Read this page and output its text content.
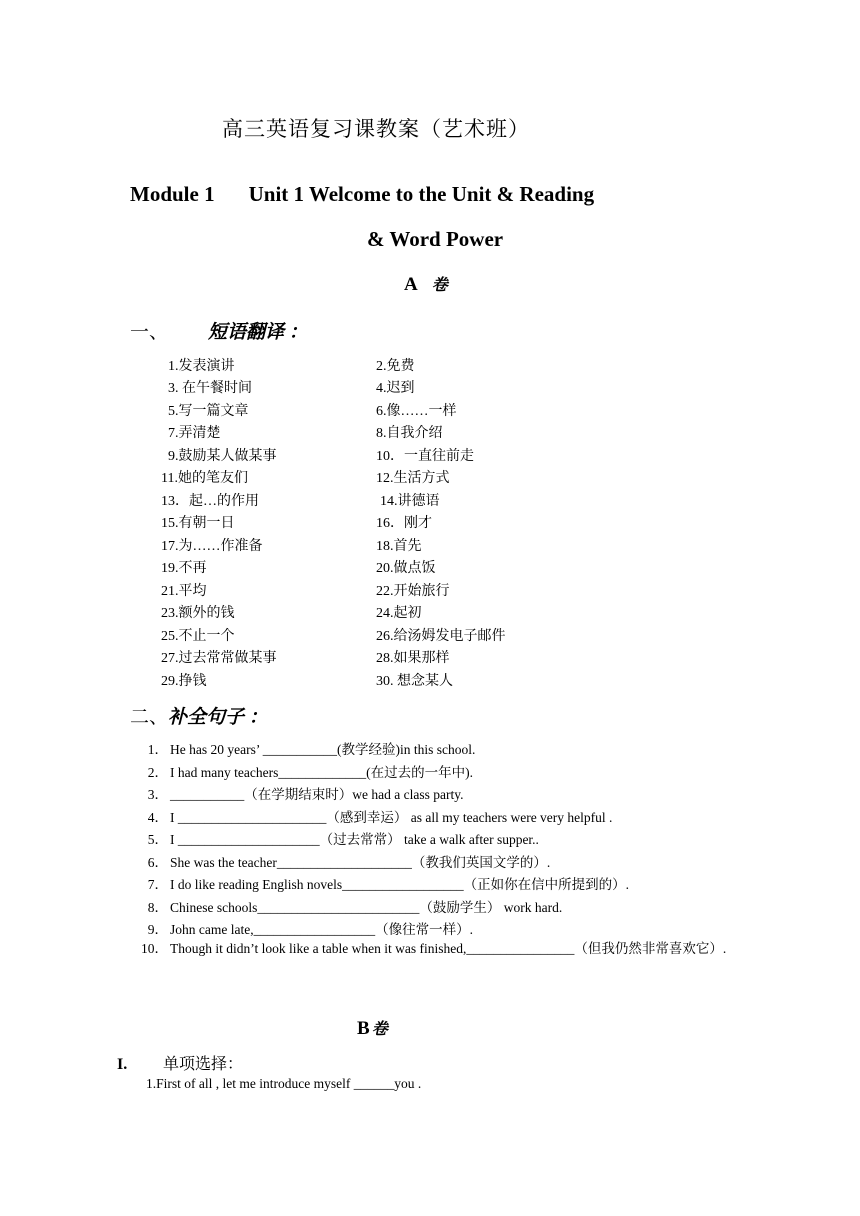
高三英语复习课教案（艺术班）
Module 1 Unit 1 Welcome to the Unit & Reading
& Word Power
A 卷
一、 短语翻译 ：
1.发表演讲	2.免费
3. 在午餐时间	4.迟到
5.写一篇文章	6.像……一样
7.弄清楚	8.自我介绍
9.鼓励某人做某事	10．一直往前走
11.她的笔友们	12.生活方式
13．起…的作用	14.讲德语
15.有朝一日	16．刚才
17.为……作准备	18.首先
19.不再	20.做点饭
21.平均	22.开始旅行
23.额外的钱	24.起初
25.不止一个	26.给汤姆发电子邮件
27.过去常常做某事	28.如果那样
29.挣钱	30. 想念某人
二、补全句子 ：
1． He has 20 years’ ___________(教学经验)in this school.
2． I had many teachers_____________(在过去的一年中).
3． ___________（在学期结束时）we had a class party.
4． I ______________________（感到幸运） as all my teachers were very helpful .
5． I _____________________（过去常常） take a walk after supper..
6． She was the teacher____________________（教我们英国文学的）.
7． I do like reading English novels__________________（正如你在信中所提到的）.
8． Chinese schools________________________（鼓励学生） work hard.
9． John came late,__________________（像往常一样）.
10． Though it didn’t look like a table when it was finished,________________（但我仍然非常喜欢它）.
B 卷
I. 单项选择：
1.First of all , let me introduce myself ______you .
